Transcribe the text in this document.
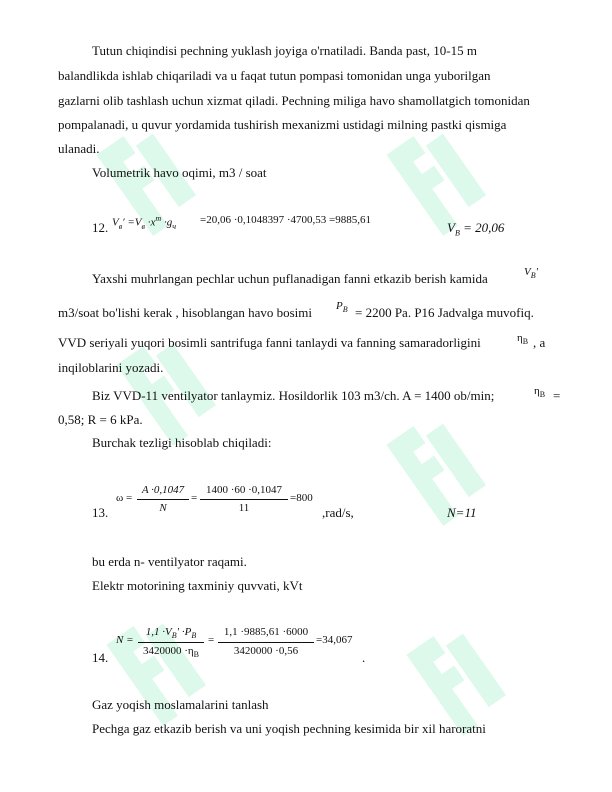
Tutun chiqindisi pechning yuklash joyiga o'rnatiladi. Banda past, 10-15 m
balandlikda ishlab chiqariladi va u faqat tutun pompasi tomonidan unga yuborilgan
gazlarni olib tashlash uchun xizmat qiladi. Pechning miliga havo shamollatgich tomonidan
pompalanadi, u quvur yordamida tushirish mexanizmi ustidagi milning pastki qismiga
ulanadi.
Volumetrik havo oqimi, m3 / soat
12. $V_в' =V_в \cdot x^т \cdot g_ч$
=20,06 ·0,1048397 ·4700,53 =9885,61	$V_В = 20,06$
Yaxshi muhrlangan pechlar uchun puflanadigan fanni etkazib berish kamida	$V_В'$
m3/soat bo'lishi kerak , hisoblangan havo bosimi $P_В = 2200$ Pa. P16 Jadvalga muvofiq.
VVD seriyali yuqori bosimli santrifuga fanni tanlaydi va fanning samaradorligini	$\eta_В$ , a
inqiloblarini yozadi.
Biz VVD-11 ventilyator tanlaymiz. Hosildorlik 103 m3/ch. A = 1400 ob/min;	$\eta_В$ =
0,58; R = 6 kPa.
Burchak tezligi hisoblab chiqiladi:
13.
ω =
A ·0,1047
N
=
1400 ·60 ·0,1047
11
=800
,rad/s,	N=11
bu erda n- ventilyator raqami.
Elektr motorining taxminiy quvvati, kVt
14.
N =
$1,1 \cdot V_В' \cdot P_В$
$3420000 \cdot\eta_В$
=
1,1 ·9885,61 ·6000
3420000 ·0,56
=34,067
.
Gaz yoqish moslamalarini tanlash
Pechga gaz etkazib berish va uni yoqish pechning kesimida bir xil haroratni
